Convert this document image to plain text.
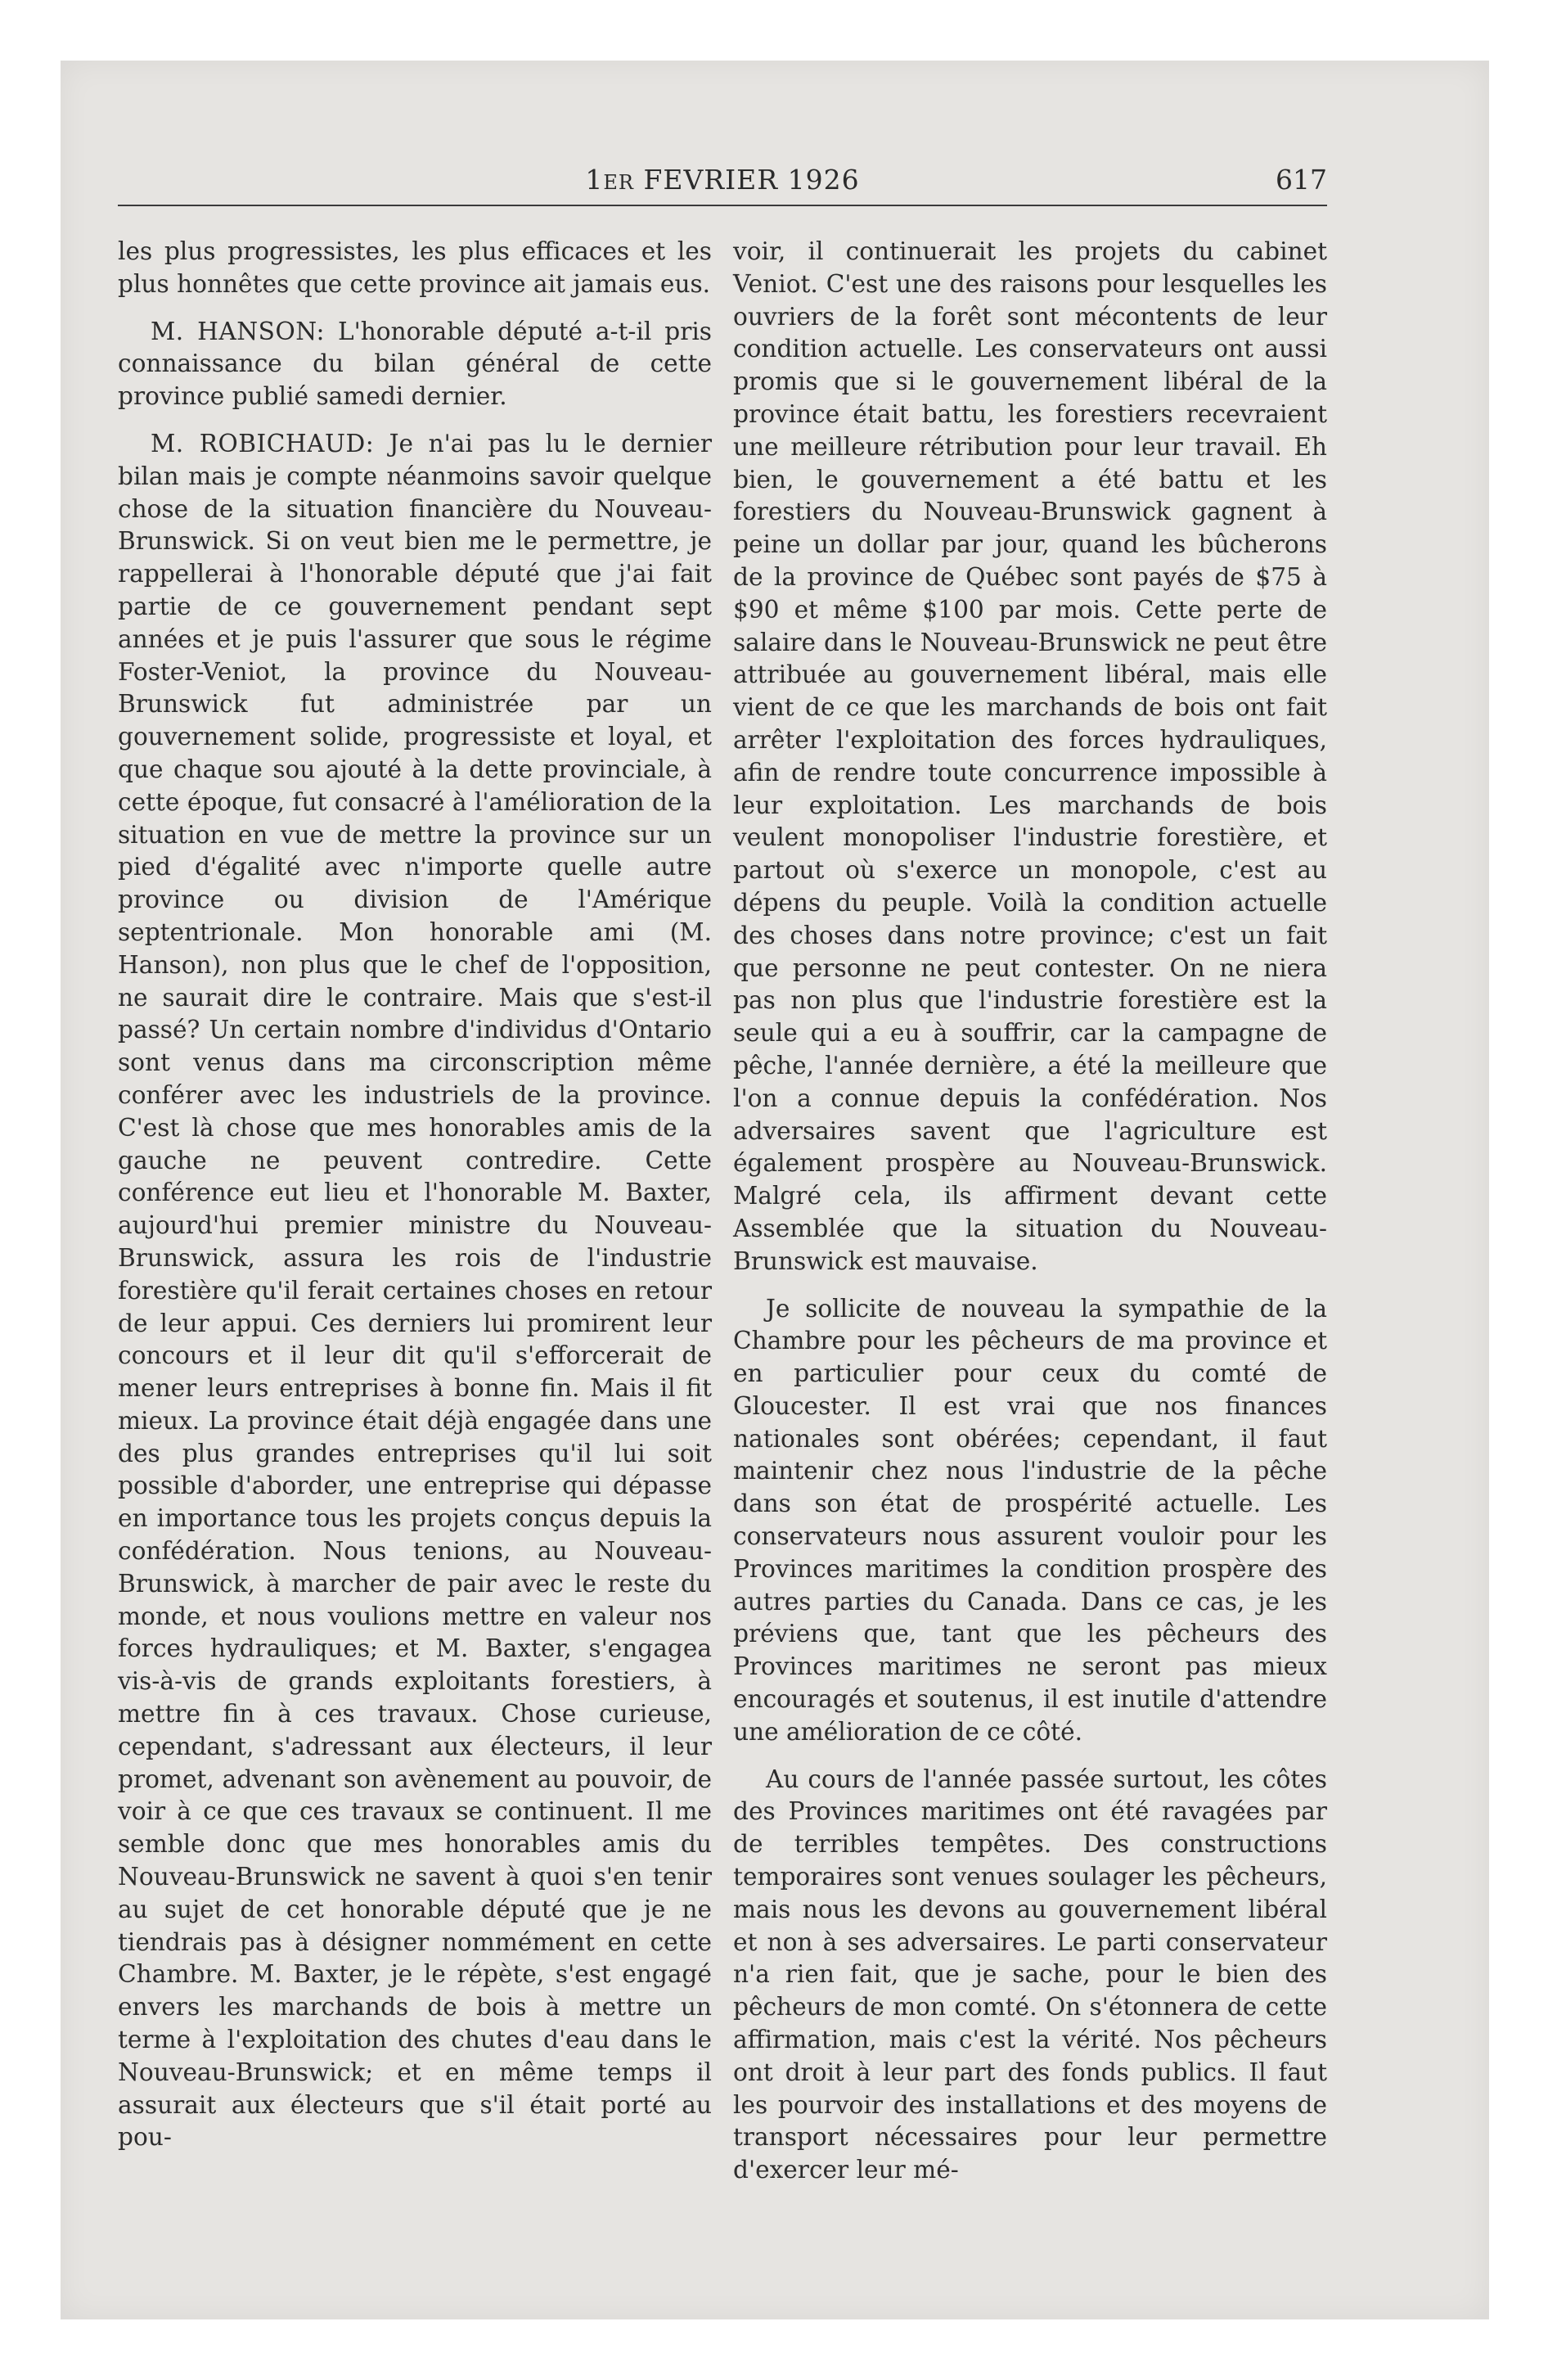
1ER FEVRIER 1926	617

les plus progressistes, les plus efficaces et les plus honnêtes que cette province ait jamais eus.

M. HANSON: L'honorable député a-t-il pris connaissance du bilan général de cette province publié samedi dernier.

M. ROBICHAUD: Je n'ai pas lu le dernier bilan mais je compte néanmoins savoir quelque chose de la situation financière du Nouveau-Brunswick. Si on veut bien me le permettre, je rappellerai à l'honorable député que j'ai fait partie de ce gouvernement pendant sept années et je puis l'assurer que sous le régime Foster-Veniot, la province du Nouveau-Brunswick fut administrée par un gouvernement solide, progressiste et loyal, et que chaque sou ajouté à la dette provinciale, à cette époque, fut consacré à l'amélioration de la situation en vue de mettre la province sur un pied d'égalité avec n'importe quelle autre province ou division de l'Amérique septentrionale. Mon honorable ami (M. Hanson), non plus que le chef de l'opposition, ne saurait dire le contraire. Mais que s'est-il passé? Un certain nombre d'individus d'Ontario sont venus dans ma circonscription même conférer avec les industriels de la province. C'est là chose que mes honorables amis de la gauche ne peuvent contredire. Cette conférence eut lieu et l'honorable M. Baxter, aujourd'hui premier ministre du Nouveau-Brunswick, assura les rois de l'industrie forestière qu'il ferait certaines choses en retour de leur appui. Ces derniers lui promirent leur concours et il leur dit qu'il s'efforcerait de mener leurs entreprises à bonne fin. Mais il fit mieux. La province était déjà engagée dans une des plus grandes entreprises qu'il lui soit possible d'aborder, une entreprise qui dépasse en importance tous les projets conçus depuis la confédération. Nous tenions, au Nouveau-Brunswick, à marcher de pair avec le reste du monde, et nous voulions mettre en valeur nos forces hydrauliques; et M. Baxter, s'engagea vis-à-vis de grands exploitants forestiers, à mettre fin à ces travaux. Chose curieuse, cependant, s'adressant aux électeurs, il leur promet, advenant son avènement au pouvoir, de voir à ce que ces travaux se continuent. Il me semble donc que mes honorables amis du Nouveau-Brunswick ne savent à quoi s'en tenir au sujet de cet honorable député que je ne tiendrais pas à désigner nommément en cette Chambre. M. Baxter, je le répète, s'est engagé envers les marchands de bois à mettre un terme à l'exploitation des chutes d'eau dans le Nouveau-Brunswick; et en même temps il assurait aux électeurs que s'il était porté au pou-

voir, il continuerait les projets du cabinet Veniot. C'est une des raisons pour lesquelles les ouvriers de la forêt sont mécontents de leur condition actuelle. Les conservateurs ont aussi promis que si le gouvernement libéral de la province était battu, les forestiers recevraient une meilleure rétribution pour leur travail. Eh bien, le gouvernement a été battu et les forestiers du Nouveau-Brunswick gagnent à peine un dollar par jour, quand les bûcherons de la province de Québec sont payés de $75 à $90 et même $100 par mois. Cette perte de salaire dans le Nouveau-Brunswick ne peut être attribuée au gouvernement libéral, mais elle vient de ce que les marchands de bois ont fait arrêter l'exploitation des forces hydrauliques, afin de rendre toute concurrence impossible à leur exploitation. Les marchands de bois veulent monopoliser l'industrie forestière, et partout où s'exerce un monopole, c'est au dépens du peuple. Voilà la condition actuelle des choses dans notre province; c'est un fait que personne ne peut contester. On ne niera pas non plus que l'industrie forestière est la seule qui a eu à souffrir, car la campagne de pêche, l'année dernière, a été la meilleure que l'on a connue depuis la confédération. Nos adversaires savent que l'agriculture est également prospère au Nouveau-Brunswick. Malgré cela, ils affirment devant cette Assemblée que la situation du Nouveau-Brunswick est mauvaise.

Je sollicite de nouveau la sympathie de la Chambre pour les pêcheurs de ma province et en particulier pour ceux du comté de Gloucester. Il est vrai que nos finances nationales sont obérées; cependant, il faut maintenir chez nous l'industrie de la pêche dans son état de prospérité actuelle. Les conservateurs nous assurent vouloir pour les Provinces maritimes la condition prospère des autres parties du Canada. Dans ce cas, je les préviens que, tant que les pêcheurs des Provinces maritimes ne seront pas mieux encouragés et soutenus, il est inutile d'attendre une amélioration de ce côté.

Au cours de l'année passée surtout, les côtes des Provinces maritimes ont été ravagées par de terribles tempêtes. Des constructions temporaires sont venues soulager les pêcheurs, mais nous les devons au gouvernement libéral et non à ses adversaires. Le parti conservateur n'a rien fait, que je sache, pour le bien des pêcheurs de mon comté. On s'étonnera de cette affirmation, mais c'est la vérité. Nos pêcheurs ont droit à leur part des fonds publics. Il faut les pourvoir des installations et des moyens de transport nécessaires pour leur permettre d'exercer leur mé-
